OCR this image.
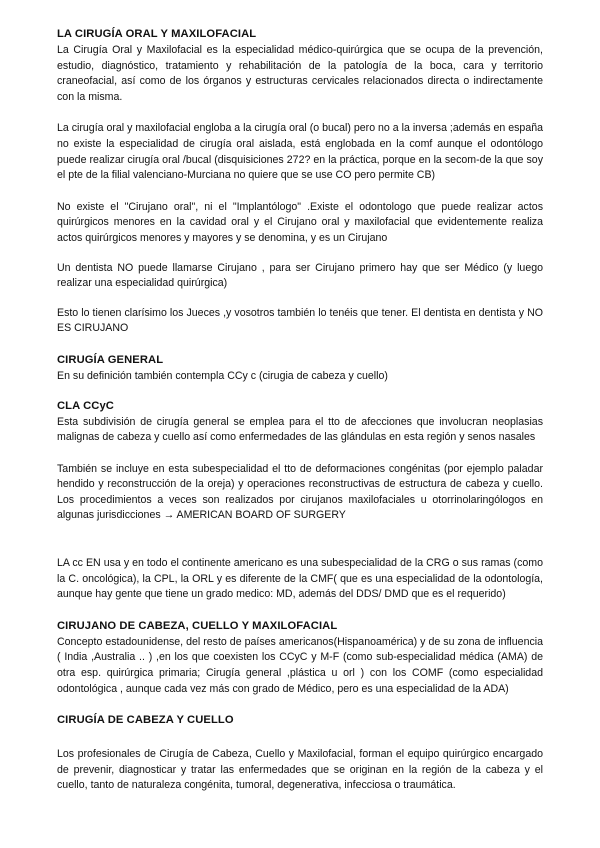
LA CIRUGÍA ORAL Y MAXILOFACIAL

La Cirugía Oral y Maxilofacial es la especialidad médico-quirúrgica que se ocupa de la prevención, estudio, diagnóstico, tratamiento y rehabilitación de la patología de la boca, cara y territorio craneofacial, así como de los órganos y estructuras cervicales relacionados directa o indirectamente con la misma.

La cirugía oral y maxilofacial engloba a la cirugía oral (o bucal) pero no a la inversa ;además en españa no existe la especialidad de cirugía oral aislada, está englobada en la comf aunque el odontólogo puede realizar cirugía oral /bucal (disquisiciones 272? en la práctica, porque en la secom-de la que soy el pte de la filial valenciano-Murciana no quiere que se use CO pero permite CB)

No existe el "Cirujano oral", ni el "Implantólogo" .Existe el odontologo que puede realizar actos quirúrgicos menores en la cavidad oral y el Cirujano oral y maxilofacial que evidentemente realiza actos quirúrgicos menores y mayores y se denomina, y es un Cirujano

Un dentista NO puede llamarse Cirujano , para ser Cirujano primero hay que ser Médico (y luego realizar una especialidad quirúrgica)

Esto lo tienen clarísimo los Jueces ,y vosotros también lo tenéis que tener. El dentista en dentista y NO ES CIRUJANO

CIRUGÍA GENERAL

En su definición también contempla CCy c (cirugia de cabeza y cuello)

CLA CCyC

Esta subdivisión de cirugía general se emplea para el tto de afecciones que involucran neoplasias malignas de cabeza y cuello así como enfermedades de las glándulas en esta región y senos nasales

También se incluye en esta subespecialidad el tto de deformaciones congénitas (por ejemplo paladar hendido y reconstrucción de la oreja) y operaciones reconstructivas de estructura de cabeza y cuello. Los procedimientos a veces son realizados por cirujanos maxilofaciales u otorrinolaringólogos en algunas jurisdicciones → AMERICAN BOARD OF SURGERY

LA cc EN usa y en todo el continente americano es una subespecialidad de la CRG o sus ramas (como la C. oncológica), la CPL, la ORL y es diferente de la CMF( que es una especialidad de la odontología, aunque hay gente que tiene un grado medico: MD, además del DDS/ DMD que es el requerido)

CIRUJANO DE CABEZA, CUELLO Y MAXILOFACIAL

Concepto estadounidense, del resto de países americanos(Hispanoamérica) y de su zona de influencia ( India ,Australia .. ) ,en los que coexisten los CCyC y M-F (como sub-especialidad médica (AMA) de otra esp. quirúrgica primaria; Cirugía general ,plástica u orl ) con los COMF (como especialidad odontológica , aunque cada vez más con grado de Médico, pero es una especialidad de la ADA)

CIRUGÍA DE CABEZA Y CUELLO

Los profesionales de Cirugía de Cabeza, Cuello y Maxilofacial, forman el equipo quirúrgico encargado de prevenir, diagnosticar y tratar las enfermedades que se originan en la región de la cabeza y el cuello, tanto de naturaleza congénita, tumoral, degenerativa, infecciosa o traumática.
